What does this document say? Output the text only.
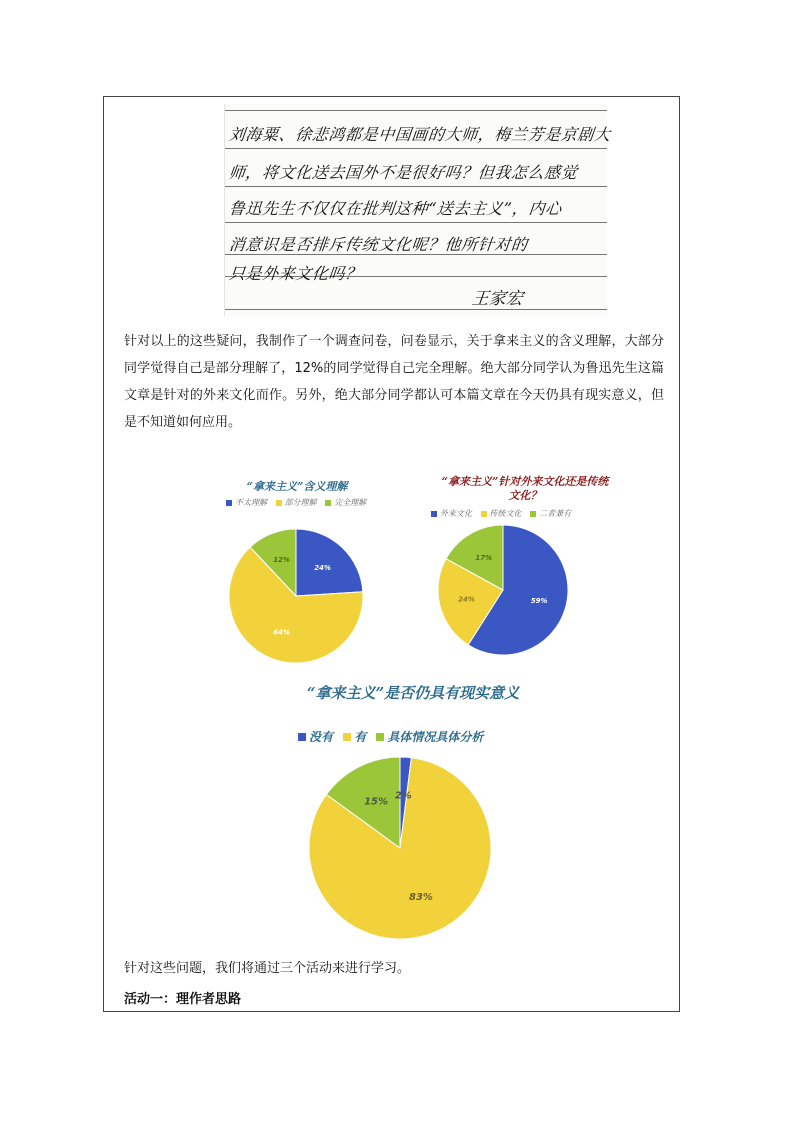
刘海粟、徐悲鸿都是中国画的大师，梅兰芳是京剧大
师，将文化送去国外不是很好吗？但我怎么感觉
鲁迅先生不仅仅在批判这种“送去主义”，内心
消意识是否排斥传统文化呢？他所针对的
只是外来文化吗？
王家宏
针对以上的这些疑问，我制作了一个调查问卷，问卷显示，关于拿来主义的含义理解，大部分同学觉得自己是部分理解了，12%的同学觉得自己完全理解。绝大部分同学认为鲁迅先生这篇文章是针对的外来文化而作。另外，绝大部分同学都认可本篇文章在今天仍具有现实意义，但是不知道如何应用。
“拿来主义”含义理解
不太理解 部分理解 完全理解
24%
64%
12%
“拿来主义”针对外来文化还是传统文化？
外来文化 传统文化 二者兼有
59%
24%
17%
“拿来主义”是否仍具有现实意义
没有 有 具体情况具体分析
2%
83%
15%
针对这些问题，我们将通过三个活动来进行学习。
活动一：理作者思路
